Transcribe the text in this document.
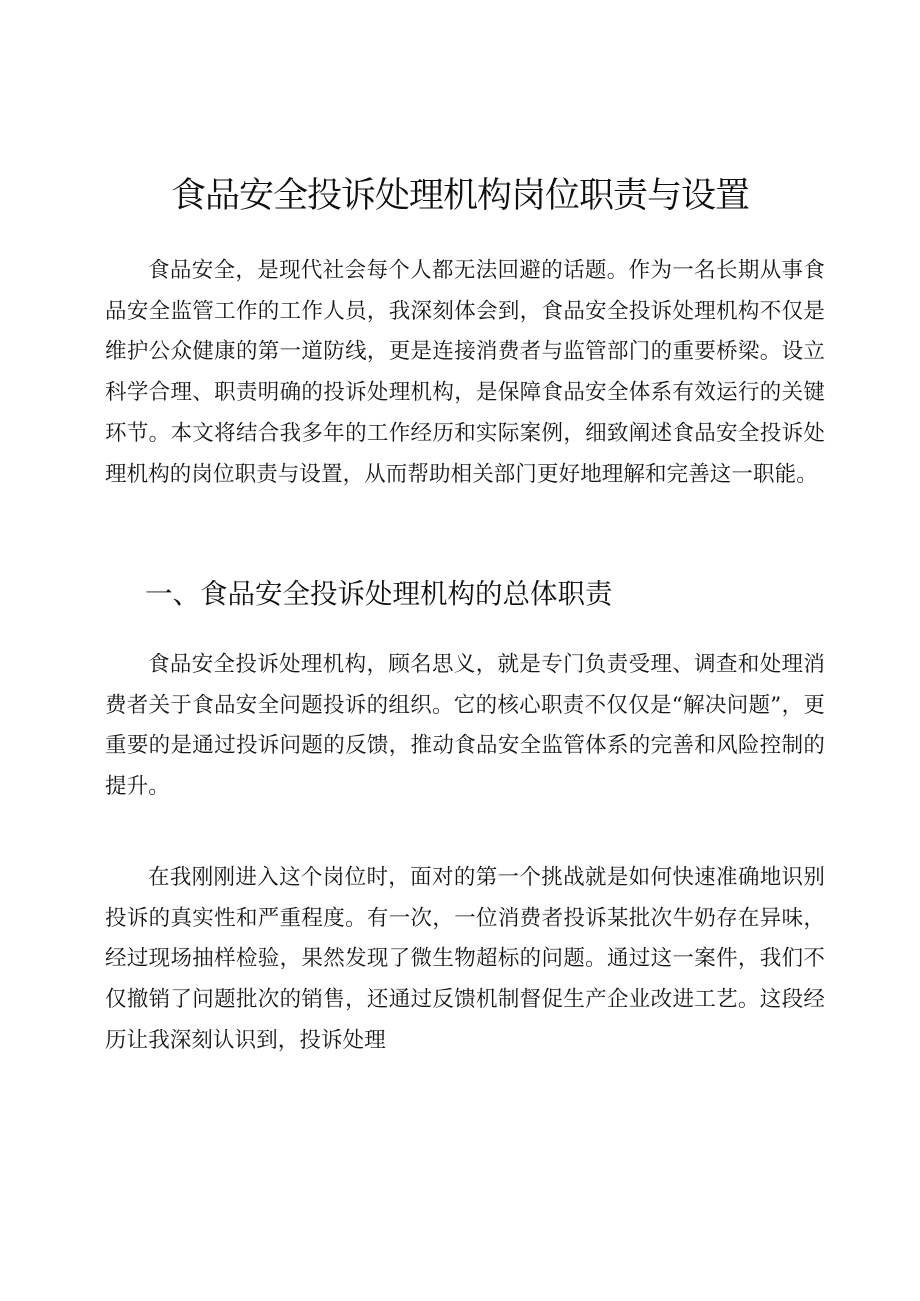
食品安全投诉处理机构岗位职责与设置

食品安全，是现代社会每个人都无法回避的话题。作为一名长期从事食品安全监管工作的工作人员，我深刻体会到，食品安全投诉处理机构不仅是维护公众健康的第一道防线，更是连接消费者与监管部门的重要桥梁。设立科学合理、职责明确的投诉处理机构，是保障食品安全体系有效运行的关键环节。本文将结合我多年的工作经历和实际案例，细致阐述食品安全投诉处理机构的岗位职责与设置，从而帮助相关部门更好地理解和完善这一职能。

一、食品安全投诉处理机构的总体职责

食品安全投诉处理机构，顾名思义，就是专门负责受理、调查和处理消费者关于食品安全问题投诉的组织。它的核心职责不仅仅是“解决问题”，更重要的是通过投诉问题的反馈，推动食品安全监管体系的完善和风险控制的提升。

在我刚刚进入这个岗位时，面对的第一个挑战就是如何快速准确地识别投诉的真实性和严重程度。有一次，一位消费者投诉某批次牛奶存在异味，经过现场抽样检验，果然发现了微生物超标的问题。通过这一案件，我们不仅撤销了问题批次的销售，还通过反馈机制督促生产企业改进工艺。这段经历让我深刻认识到，投诉处理
